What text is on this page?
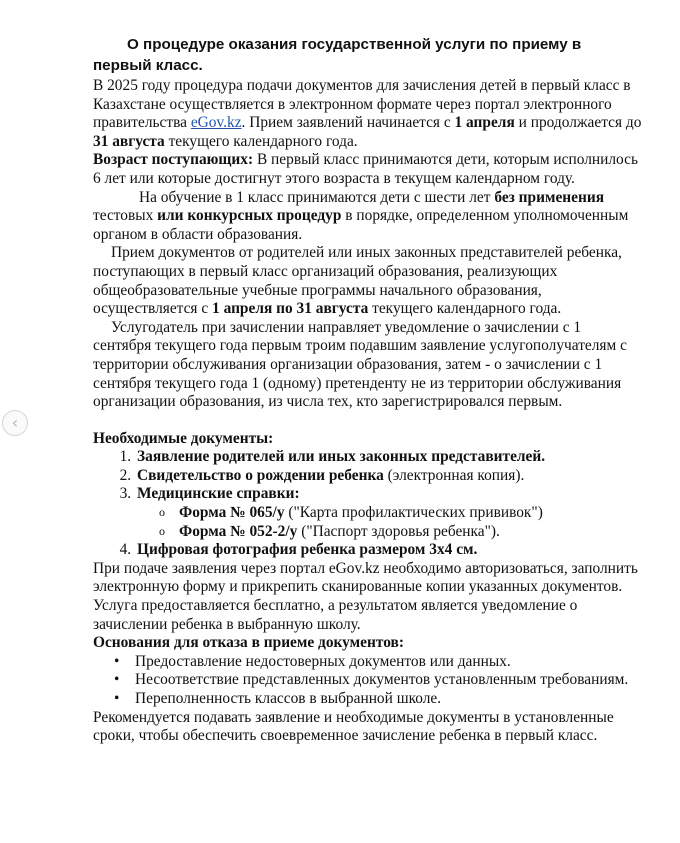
‹
О процедуре оказания государственной услуги по приему в первый класс.

В 2025 году процедура подачи документов для зачисления детей в первый класс в Казахстане осуществляется в электронном формате через портал электронного правительства eGov.kz. Прием заявлений начинается с 1 апреля и продолжается до 31 августа текущего календарного года.

Возраст поступающих: В первый класс принимаются дети, которым исполнилось 6 лет или которые достигнут этого возраста в текущем календарном году.

На обучение в 1 класс принимаются дети с шести лет без применения тестовых или конкурсных процедур в порядке, определенном уполномоченным органом в области образования.

Прием документов от родителей или иных законных представителей ребенка, поступающих в первый класс организаций образования, реализующих общеобразовательные учебные программы начального образования, осуществляется с 1 апреля по 31 августа текущего календарного года.

Услугодатель при зачислении направляет уведомление о зачислении с 1 сентября текущего года первым троим подавшим заявление услугополучателям с территории обслуживания организации образования, затем - о зачислении с 1 сентября текущего года 1 (одному) претенденту не из территории обслуживания организации образования, из числа тех, кто зарегистрировался первым.

Необходимые документы:

1. Заявление родителей или иных законных представителей.
2. Свидетельство о рождении ребенка (электронная копия).
3. Медицинские справки:
o Форма № 065/у ("Карта профилактических прививок")
o Форма № 052-2/у ("Паспорт здоровья ребенка").
4. Цифровая фотография ребенка размером 3х4 см.

При подаче заявления через портал eGov.kz необходимо авторизоваться, заполнить электронную форму и прикрепить сканированные копии указанных документов. Услуга предоставляется бесплатно, а результатом является уведомление о зачислении ребенка в выбранную школу.

Основания для отказа в приеме документов:

• Предоставление недостоверных документов или данных.
• Несоответствие представленных документов установленным требованиям.
• Переполненность классов в выбранной школе.

Рекомендуется подавать заявление и необходимые документы в установленные сроки, чтобы обеспечить своевременное зачисление ребенка в первый класс.
